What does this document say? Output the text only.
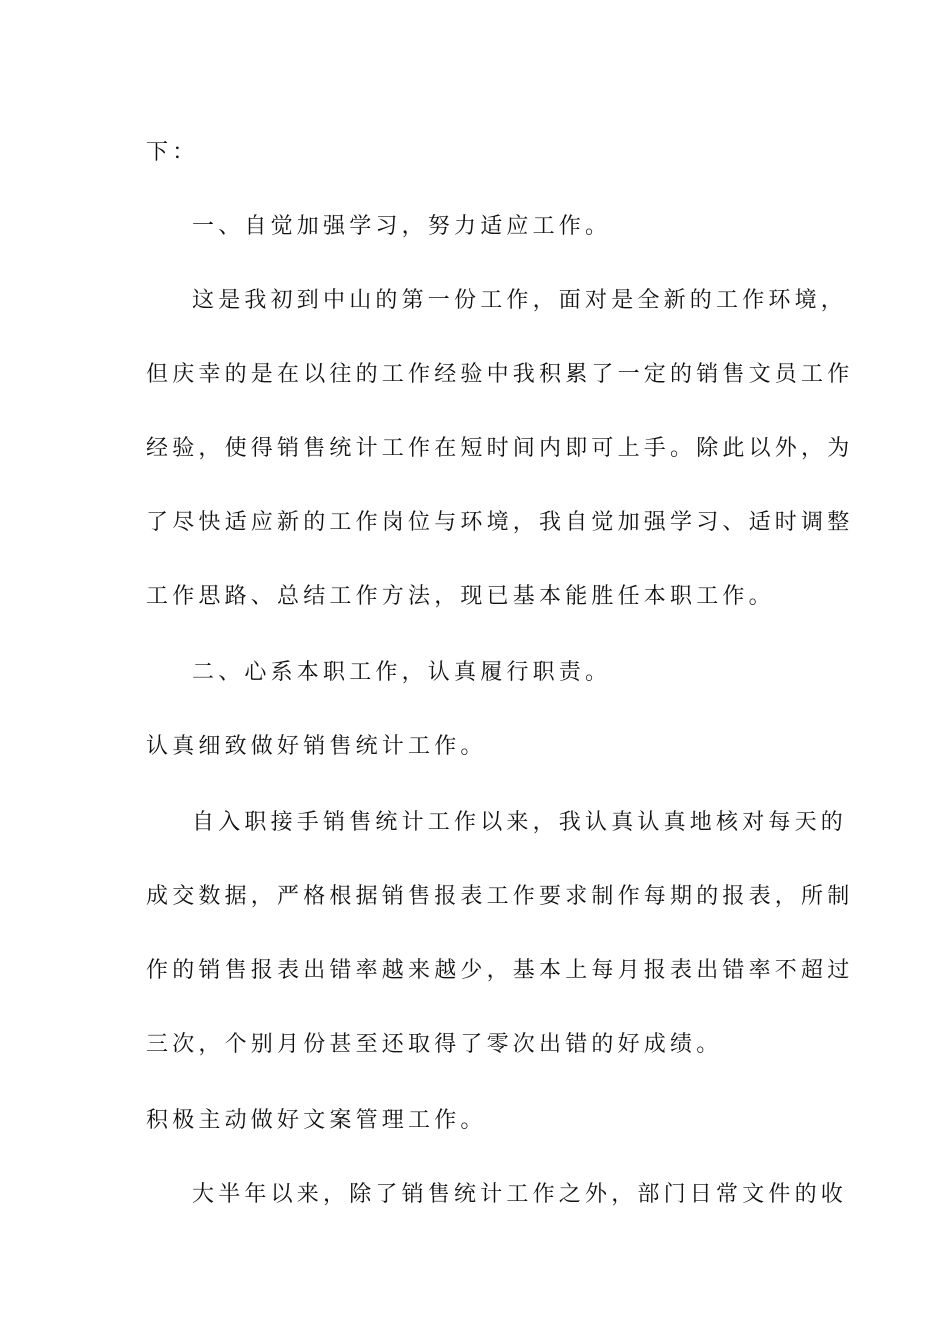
下：

一、自觉加强学习，努力适应工作。

这是我初到中山的第一份工作，面对是全新的工作环境，

但庆幸的是在以往的工作经验中我积累了一定的销售文员工作

经验，使得销售统计工作在短时间内即可上手。除此以外，为

了尽快适应新的工作岗位与环境，我自觉加强学习、适时调整

工作思路、总结工作方法，现已基本能胜任本职工作。

二、心系本职工作，认真履行职责。

认真细致做好销售统计工作。

自入职接手销售统计工作以来，我认真认真地核对每天的

成交数据，严格根据销售报表工作要求制作每期的报表，所制

作的销售报表出错率越来越少，基本上每月报表出错率不超过

三次，个别月份甚至还取得了零次出错的好成绩。

积极主动做好文案管理工作。

大半年以来，除了销售统计工作之外，部门日常文件的收
